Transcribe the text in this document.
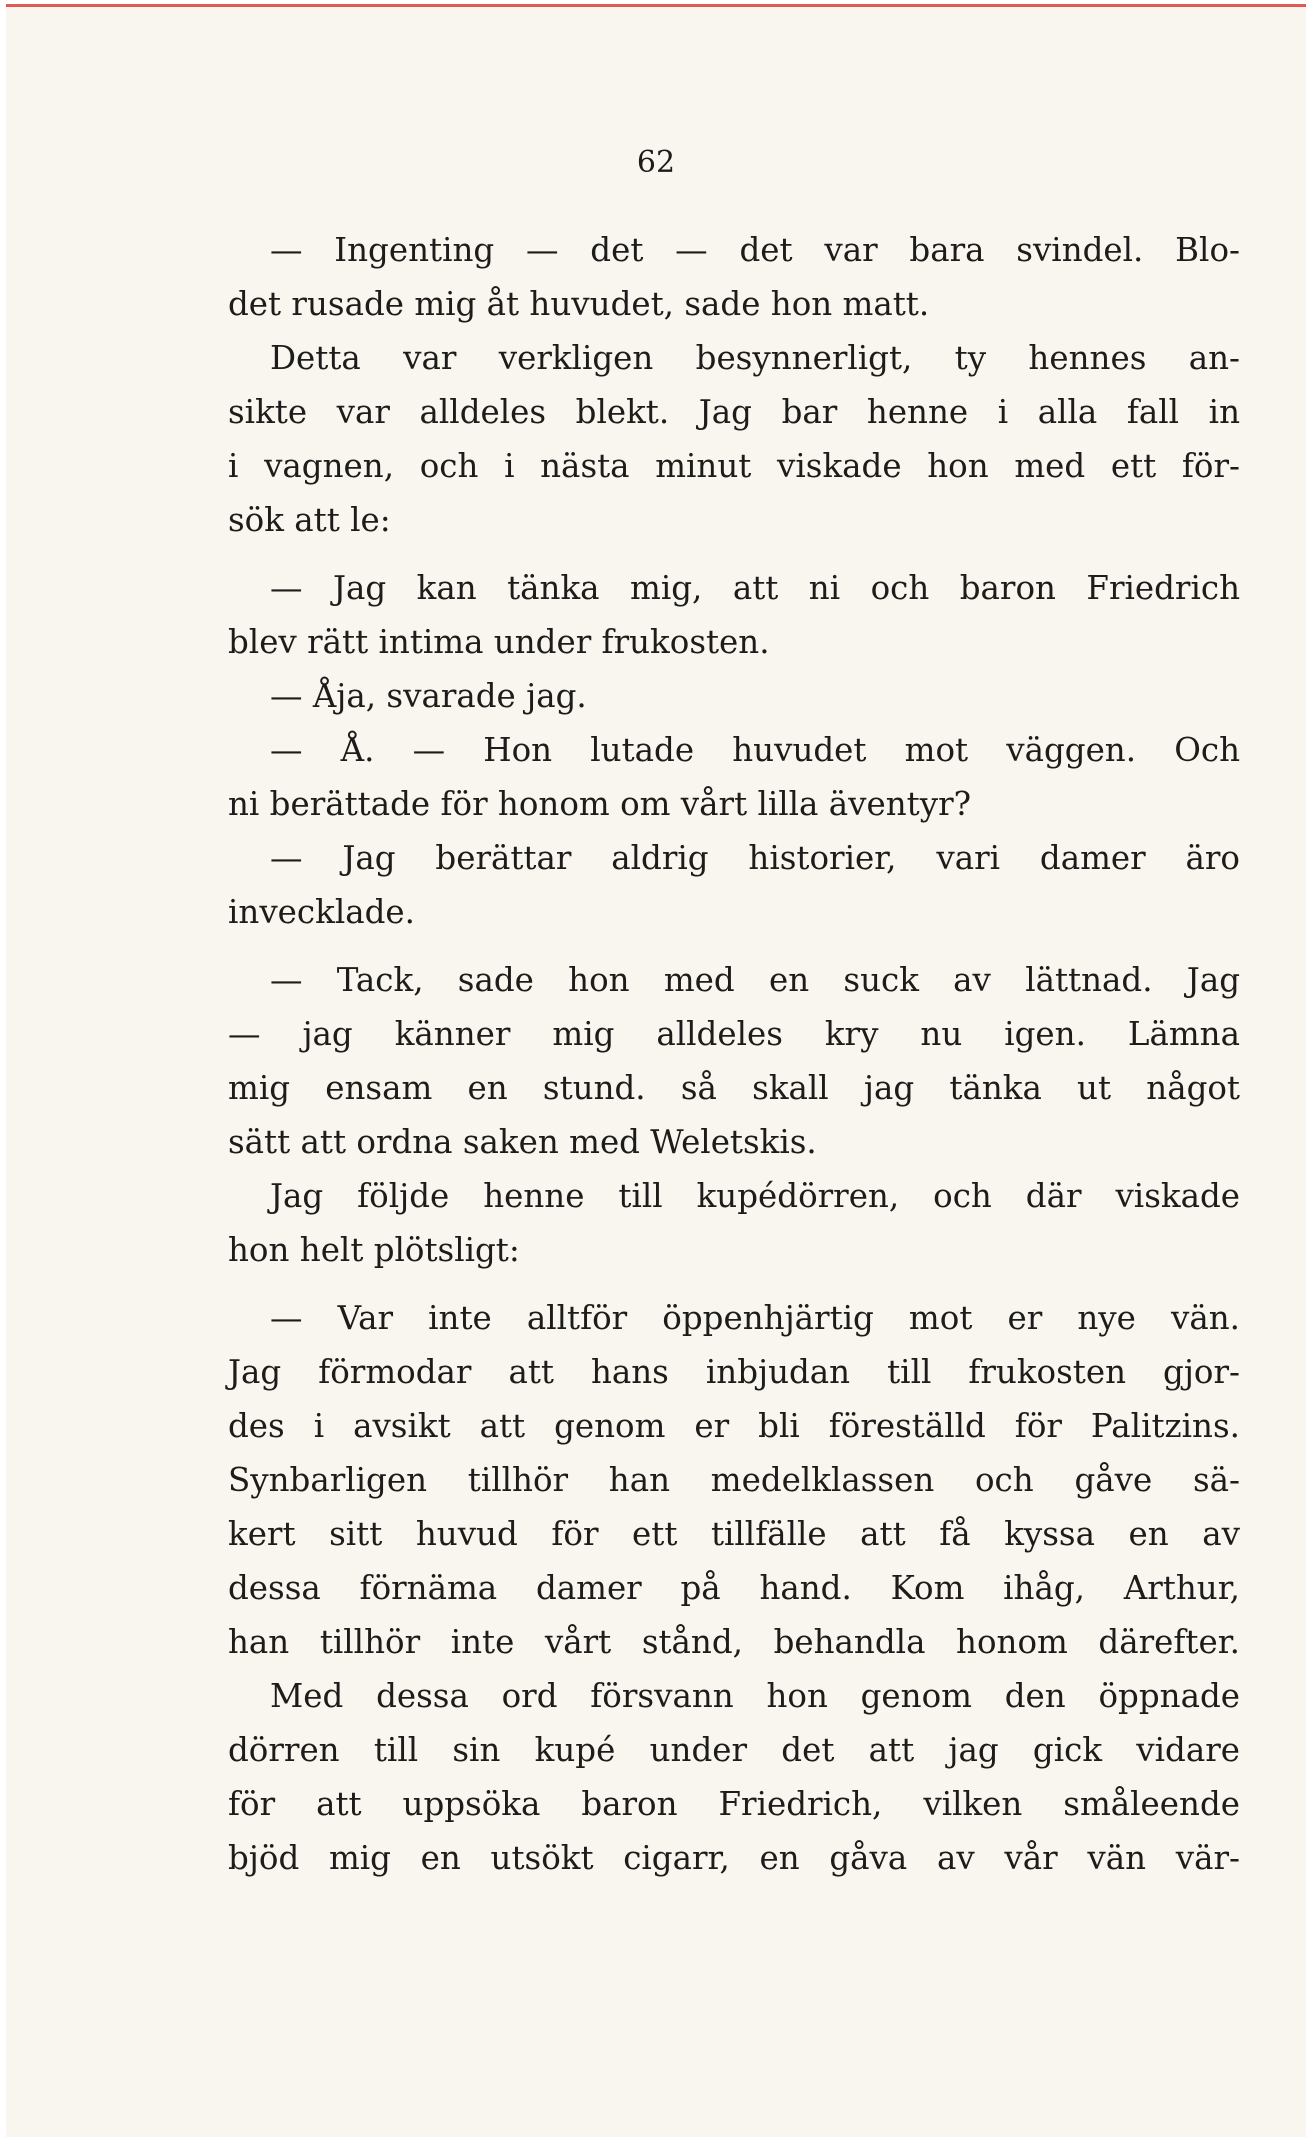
62
— Ingenting — det — det var bara svindel. Blo-
det rusade mig åt huvudet, sade hon matt.
Detta var verkligen besynnerligt, ty hennes an-
sikte var alldeles blekt. Jag bar henne i alla fall in
i vagnen, och i nästa minut viskade hon med ett för-
sök att le:
— Jag kan tänka mig, att ni och baron Friedrich
blev rätt intima under frukosten.
— Åja, svarade jag.
— Å. — Hon lutade huvudet mot väggen. Och
ni berättade för honom om vårt lilla äventyr?
— Jag berättar aldrig historier, vari damer äro
invecklade.
— Tack, sade hon med en suck av lättnad. Jag
— jag känner mig alldeles kry nu igen. Lämna
mig ensam en stund. så skall jag tänka ut något
sätt att ordna saken med Weletskis.
Jag följde henne till kupédörren, och där viskade
hon helt plötsligt:
— Var inte alltför öppenhjärtig mot er nye vän.
Jag förmodar att hans inbjudan till frukosten gjor-
des i avsikt att genom er bli föreställd för Palitzins.
Synbarligen tillhör han medelklassen och gåve sä-
kert sitt huvud för ett tillfälle att få kyssa en av
dessa förnäma damer på hand. Kom ihåg, Arthur,
han tillhör inte vårt stånd, behandla honom därefter.
Med dessa ord försvann hon genom den öppnade
dörren till sin kupé under det att jag gick vidare
för att uppsöka baron Friedrich, vilken småleende
bjöd mig en utsökt cigarr, en gåva av vår vän vär-
